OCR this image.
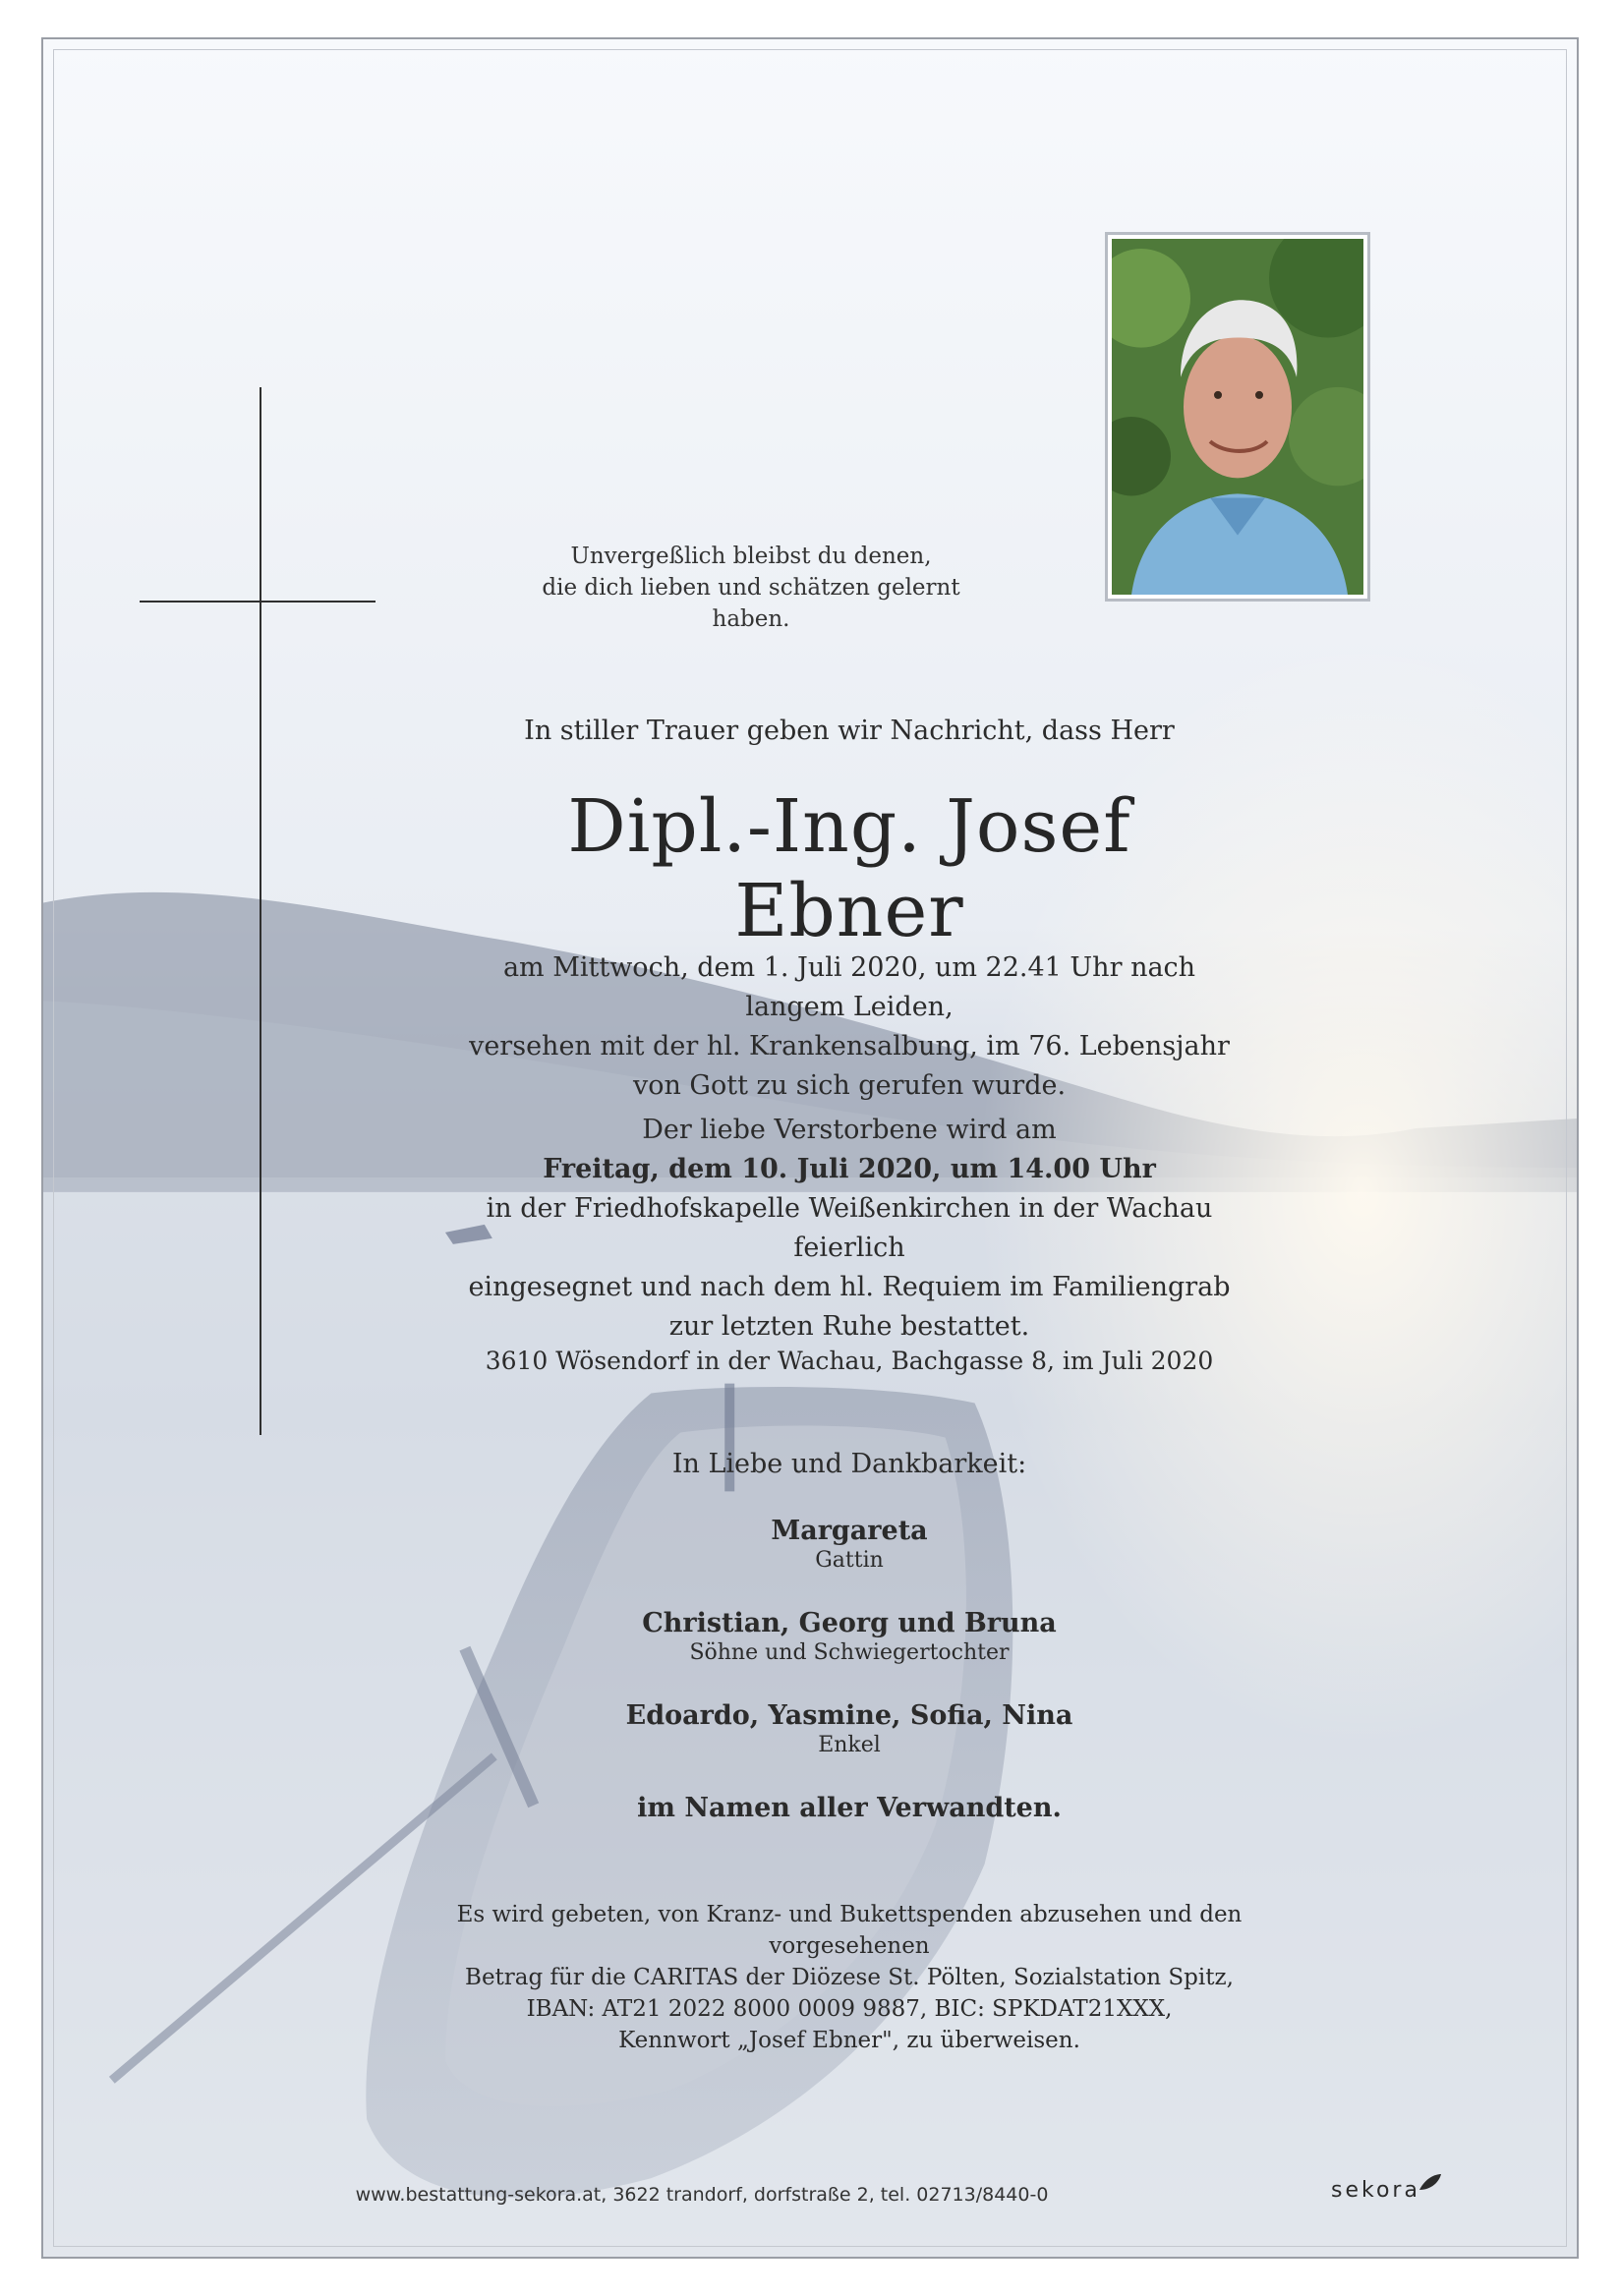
Unvergeßlich bleibst du denen,
die dich lieben und schätzen gelernt haben.
In stiller Trauer geben wir Nachricht, dass Herr
Dipl.-Ing. Josef Ebner
am Mittwoch, dem 1. Juli 2020, um 22.41 Uhr nach langem Leiden,
versehen mit der hl. Krankensalbung, im 76. Lebensjahr
von Gott zu sich gerufen wurde.
Der liebe Verstorbene wird am
Freitag, dem 10. Juli 2020, um 14.00 Uhr
in der Friedhofskapelle Weißenkirchen in der Wachau feierlich
eingesegnet und nach dem hl. Requiem im Familiengrab
zur letzten Ruhe bestattet.
3610 Wösendorf in der Wachau, Bachgasse 8, im Juli 2020
In Liebe und Dankbarkeit:
Margareta
Gattin
Christian, Georg und Bruna
Söhne und Schwiegertochter
Edoardo, Yasmine, Sofia, Nina
Enkel
im Namen aller Verwandten.
Es wird gebeten, von Kranz- und Bukettspenden abzusehen und den vorgesehenen
Betrag für die CARITAS der Diözese St. Pölten, Sozialstation Spitz,
IBAN: AT21 2022 8000 0009 9887, BIC: SPKDAT21XXX,
Kennwort „Josef Ebner", zu überweisen.
www.bestattung-sekora.at, 3622 trandorf, dorfstraße 2, tel. 02713/8440-0	sekora
